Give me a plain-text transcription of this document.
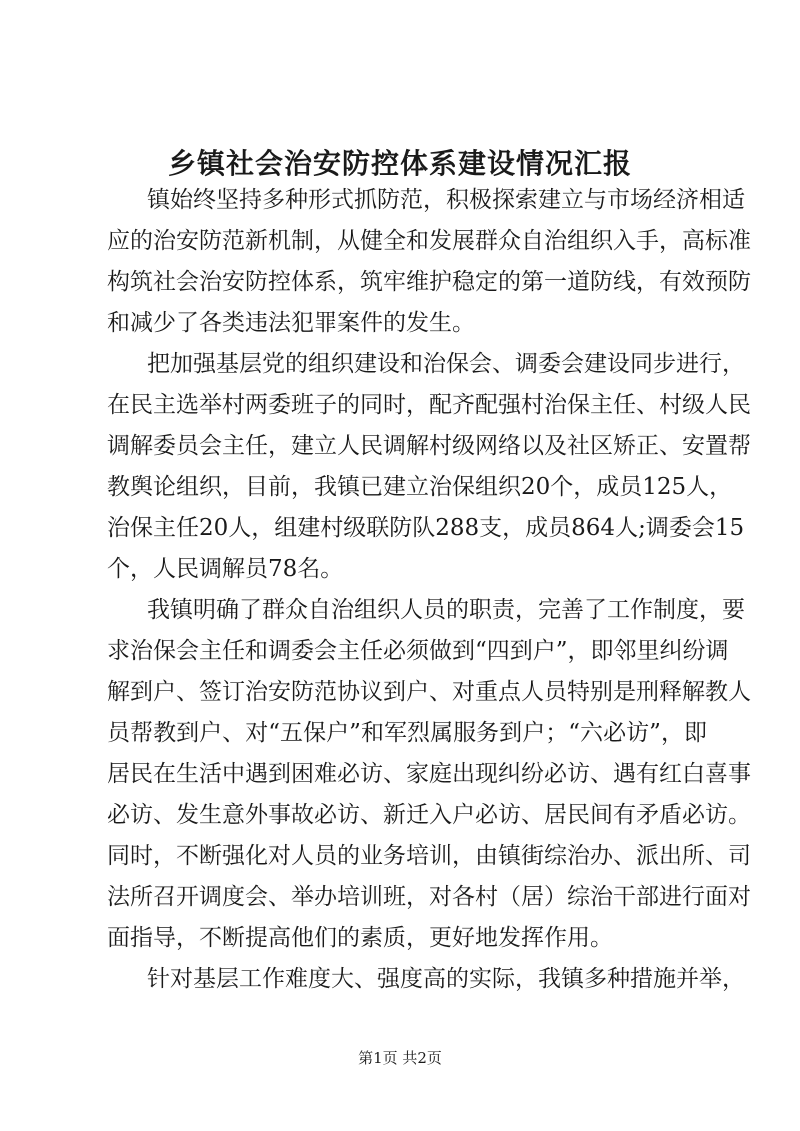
乡镇社会治安防控体系建设情况汇报
镇始终坚持多种形式抓防范，积极探索建立与市场经济相适
应的治安防范新机制，从健全和发展群众自治组织入手，高标准
构筑社会治安防控体系，筑牢维护稳定的第一道防线，有效预防
和减少了各类违法犯罪案件的发生。
把加强基层党的组织建设和治保会、调委会建设同步进行，
在民主选举村两委班子的同时，配齐配强村治保主任、村级人民
调解委员会主任，建立人民调解村级网络以及社区矫正、安置帮
教舆论组织，目前，我镇已建立治保组织20个，成员125人，
治保主任20人，组建村级联防队288支，成员864人;调委会15
个，人民调解员78名。
我镇明确了群众自治组织人员的职责，完善了工作制度，要
求治保会主任和调委会主任必须做到“四到户”，即邻里纠纷调
解到户、签订治安防范协议到户、对重点人员特别是刑释解教人
员帮教到户、对“五保户”和军烈属服务到户；“六必访”，即
居民在生活中遇到困难必访、家庭出现纠纷必访、遇有红白喜事
必访、发生意外事故必访、新迁入户必访、居民间有矛盾必访。
同时，不断强化对人员的业务培训，由镇街综治办、派出所、司
法所召开调度会、举办培训班，对各村（居）综治干部进行面对
面指导，不断提高他们的素质，更好地发挥作用。
针对基层工作难度大、强度高的实际，我镇多种措施并举，
第1页 共2页
